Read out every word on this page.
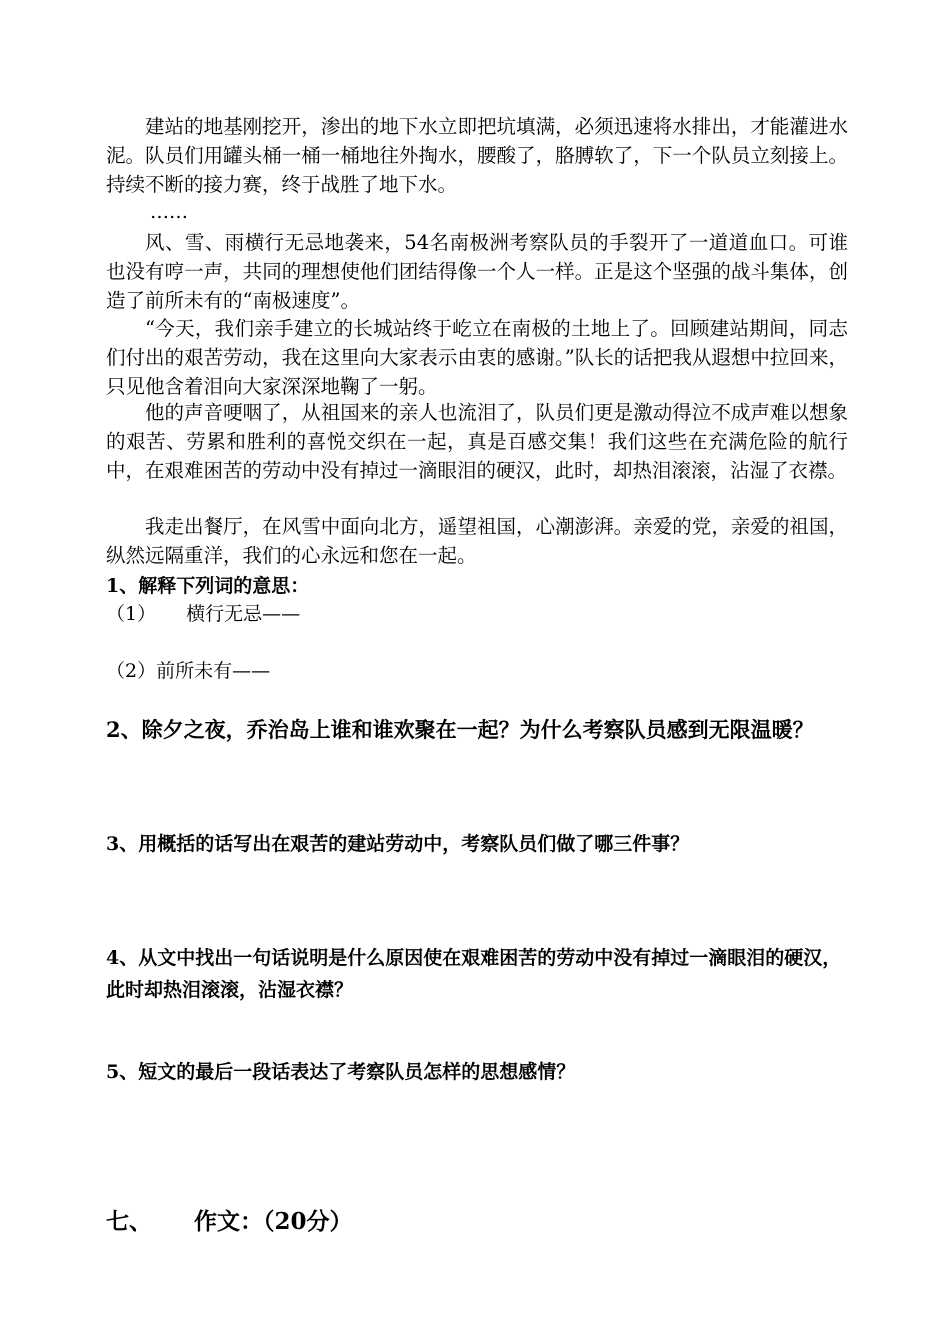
建站的地基刚挖开，渗出的地下水立即把坑填满，必须迅速将水排出，才能灌进水泥。队员们用罐头桶一桶一桶地往外掏水，腰酸了，胳膊软了，下一个队员立刻接上。持续不断的接力赛，终于战胜了地下水。

……

风、雪、雨横行无忌地袭来，54名南极洲考察队员的手裂开了一道道血口。可谁也没有哼一声，共同的理想使他们团结得像一个人一样。正是这个坚强的战斗集体，创造了前所未有的“南极速度”。

“今天，我们亲手建立的长城站终于屹立在南极的土地上了。回顾建站期间，同志们付出的艰苦劳动，我在这里向大家表示由衷的感谢。”队长的话把我从遐想中拉回来，只见他含着泪向大家深深地鞠了一躬。

他的声音哽咽了，从祖国来的亲人也流泪了，队员们更是激动得泣不成声难以想象的艰苦、劳累和胜利的喜悦交织在一起，真是百感交集！我们这些在充满危险的航行中，在艰难困苦的劳动中没有掉过一滴眼泪的硬汉，此时，却热泪滚滚，沾湿了衣襟。

我走出餐厅，在风雪中面向北方，遥望祖国，心潮澎湃。亲爱的党，亲爱的祖国，纵然远隔重洋，我们的心永远和您在一起。

1、解释下列词的意思：

（1） 横行无忌——

（2）前所未有——

2、除夕之夜，乔治岛上谁和谁欢聚在一起？为什么考察队员感到无限温暖？

3、用概括的话写出在艰苦的建站劳动中，考察队员们做了哪三件事？

4、从文中找出一句话说明是什么原因使在艰难困苦的劳动中没有掉过一滴眼泪的硬汉，此时却热泪滚滚，沾湿衣襟？

5、短文的最后一段话表达了考察队员怎样的思想感情？

七、 作文：（20分）
